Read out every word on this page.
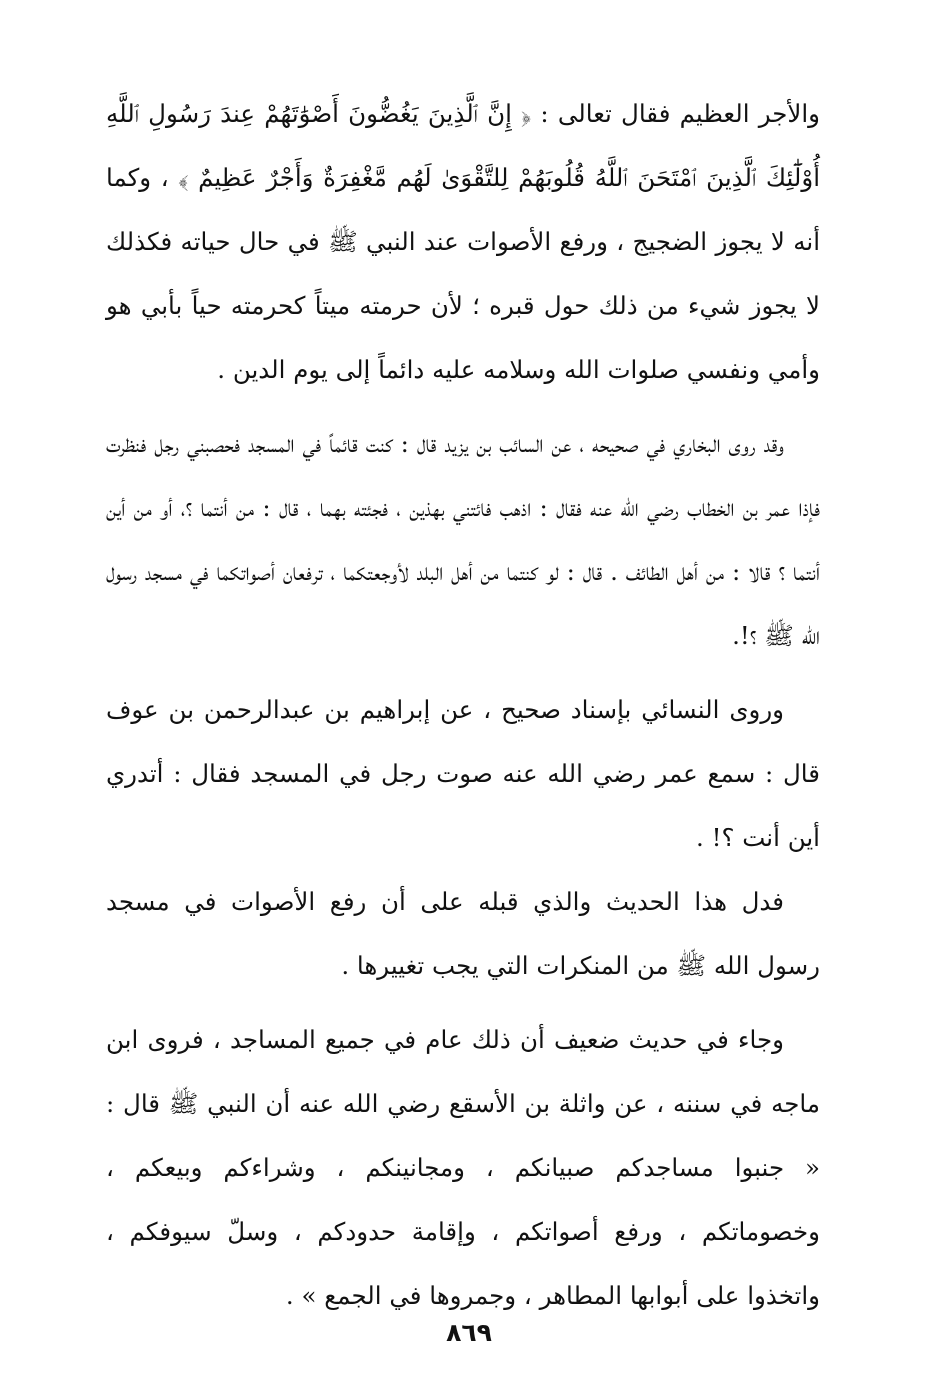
والأجر العظيم فقال تعالى : ﴿ إِنَّ ٱلَّذِينَ يَغُضُّونَ أَصْوَٰتَهُمْ عِندَ رَسُولِ ٱللَّهِ أُوْلَٰٓئِكَ ٱلَّذِينَ ٱمْتَحَنَ ٱللَّهُ قُلُوبَهُمْ لِلتَّقْوَىٰ لَهُم مَّغْفِرَةٌ وَأَجْرٌ عَظِيمٌ ﴾ ، وكما أنه لا يجوز الضجيج ، ورفع الأصوات عند النبي ﷺ في حال حياته فكذلك لا يجوز شيء من ذلك حول قبره ؛ لأن حرمته ميتاً كحرمته حياً بأبي هو وأمي ونفسي صلوات الله وسلامه عليه دائماً إلى يوم الدين .

وقد روى البخاري في صحيحه ، عن السائب بن يزيد قال : كنت قائماً في المسجد فحصبني رجل فنظرت فإذا عمر بن الخطاب رضي الله عنه فقال : اذهب فائتني بهذين ، فجئته بهما ، قال : من أنتما ؟، أو من أين أنتما ؟ قالا : من أهل الطائف . قال : لو كنتما من أهل البلد لأوجعتكما ، ترفعان أصواتكما في مسجد رسول الله ﷺ ؟!.

وروى النسائي بإسناد صحيح ، عن إبراهيم بن عبدالرحمن بن عوف قال : سمع عمر رضي الله عنه صوت رجل في المسجد فقال : أتدري أين أنت ؟! .

فدل هذا الحديث والذي قبله على أن رفع الأصوات في مسجد رسول الله ﷺ من المنكرات التي يجب تغييرها .

وجاء في حديث ضعيف أن ذلك عام في جميع المساجد ، فروى ابن ماجه في سننه ، عن واثلة بن الأسقع رضي الله عنه أن النبي ﷺ قال : « جنبوا مساجدكم صبيانكم ، ومجانينكم ، وشراءكم وبيعكم ، وخصوماتكم ، ورفع أصواتكم ، وإقامة حدودكم ، وسلّ سيوفكم ، واتخذوا على أبوابها المطاهر ، وجمروها في الجمع » .

٨٦٩
